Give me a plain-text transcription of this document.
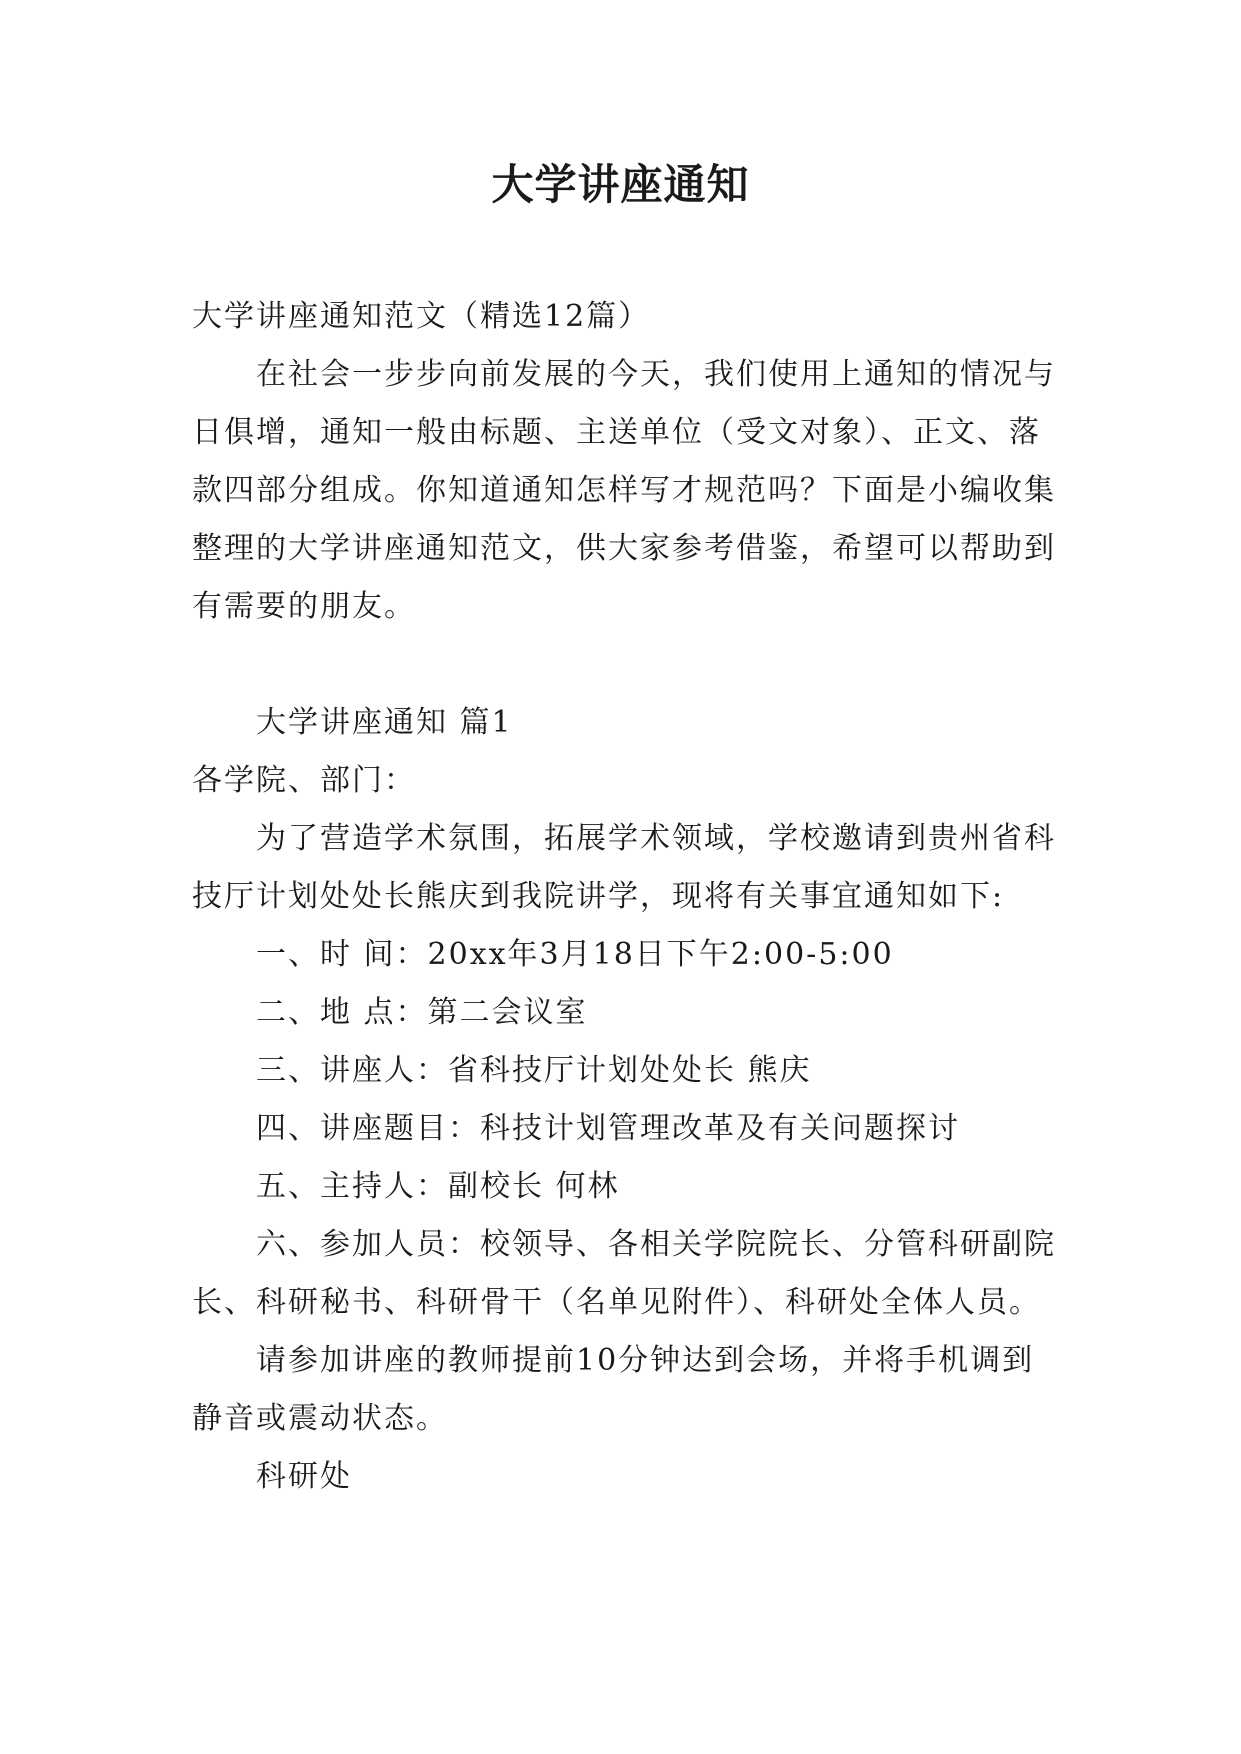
大学讲座通知

大学讲座通知范文（精选12篇）

在社会一步步向前发展的今天，我们使用上通知的情况与日俱增，通知一般由标题、主送单位（受文对象）、正文、落款四部分组成。你知道通知怎样写才规范吗？下面是小编收集整理的大学讲座通知范文，供大家参考借鉴，希望可以帮助到有需要的朋友。

大学讲座通知 篇1

各学院、部门：

为了营造学术氛围，拓展学术领域，学校邀请到贵州省科技厅计划处处长熊庆到我院讲学，现将有关事宜通知如下:

一、时 间：20xx年3月18日下午2:00-5:00

二、地 点：第二会议室

三、讲座人：省科技厅计划处处长 熊庆

四、讲座题目：科技计划管理改革及有关问题探讨

五、主持人：副校长 何林

六、参加人员：校领导、各相关学院院长、分管科研副院长、科研秘书、科研骨干（名单见附件）、科研处全体人员。

请参加讲座的教师提前10分钟达到会场，并将手机调到静音或震动状态。

科研处
